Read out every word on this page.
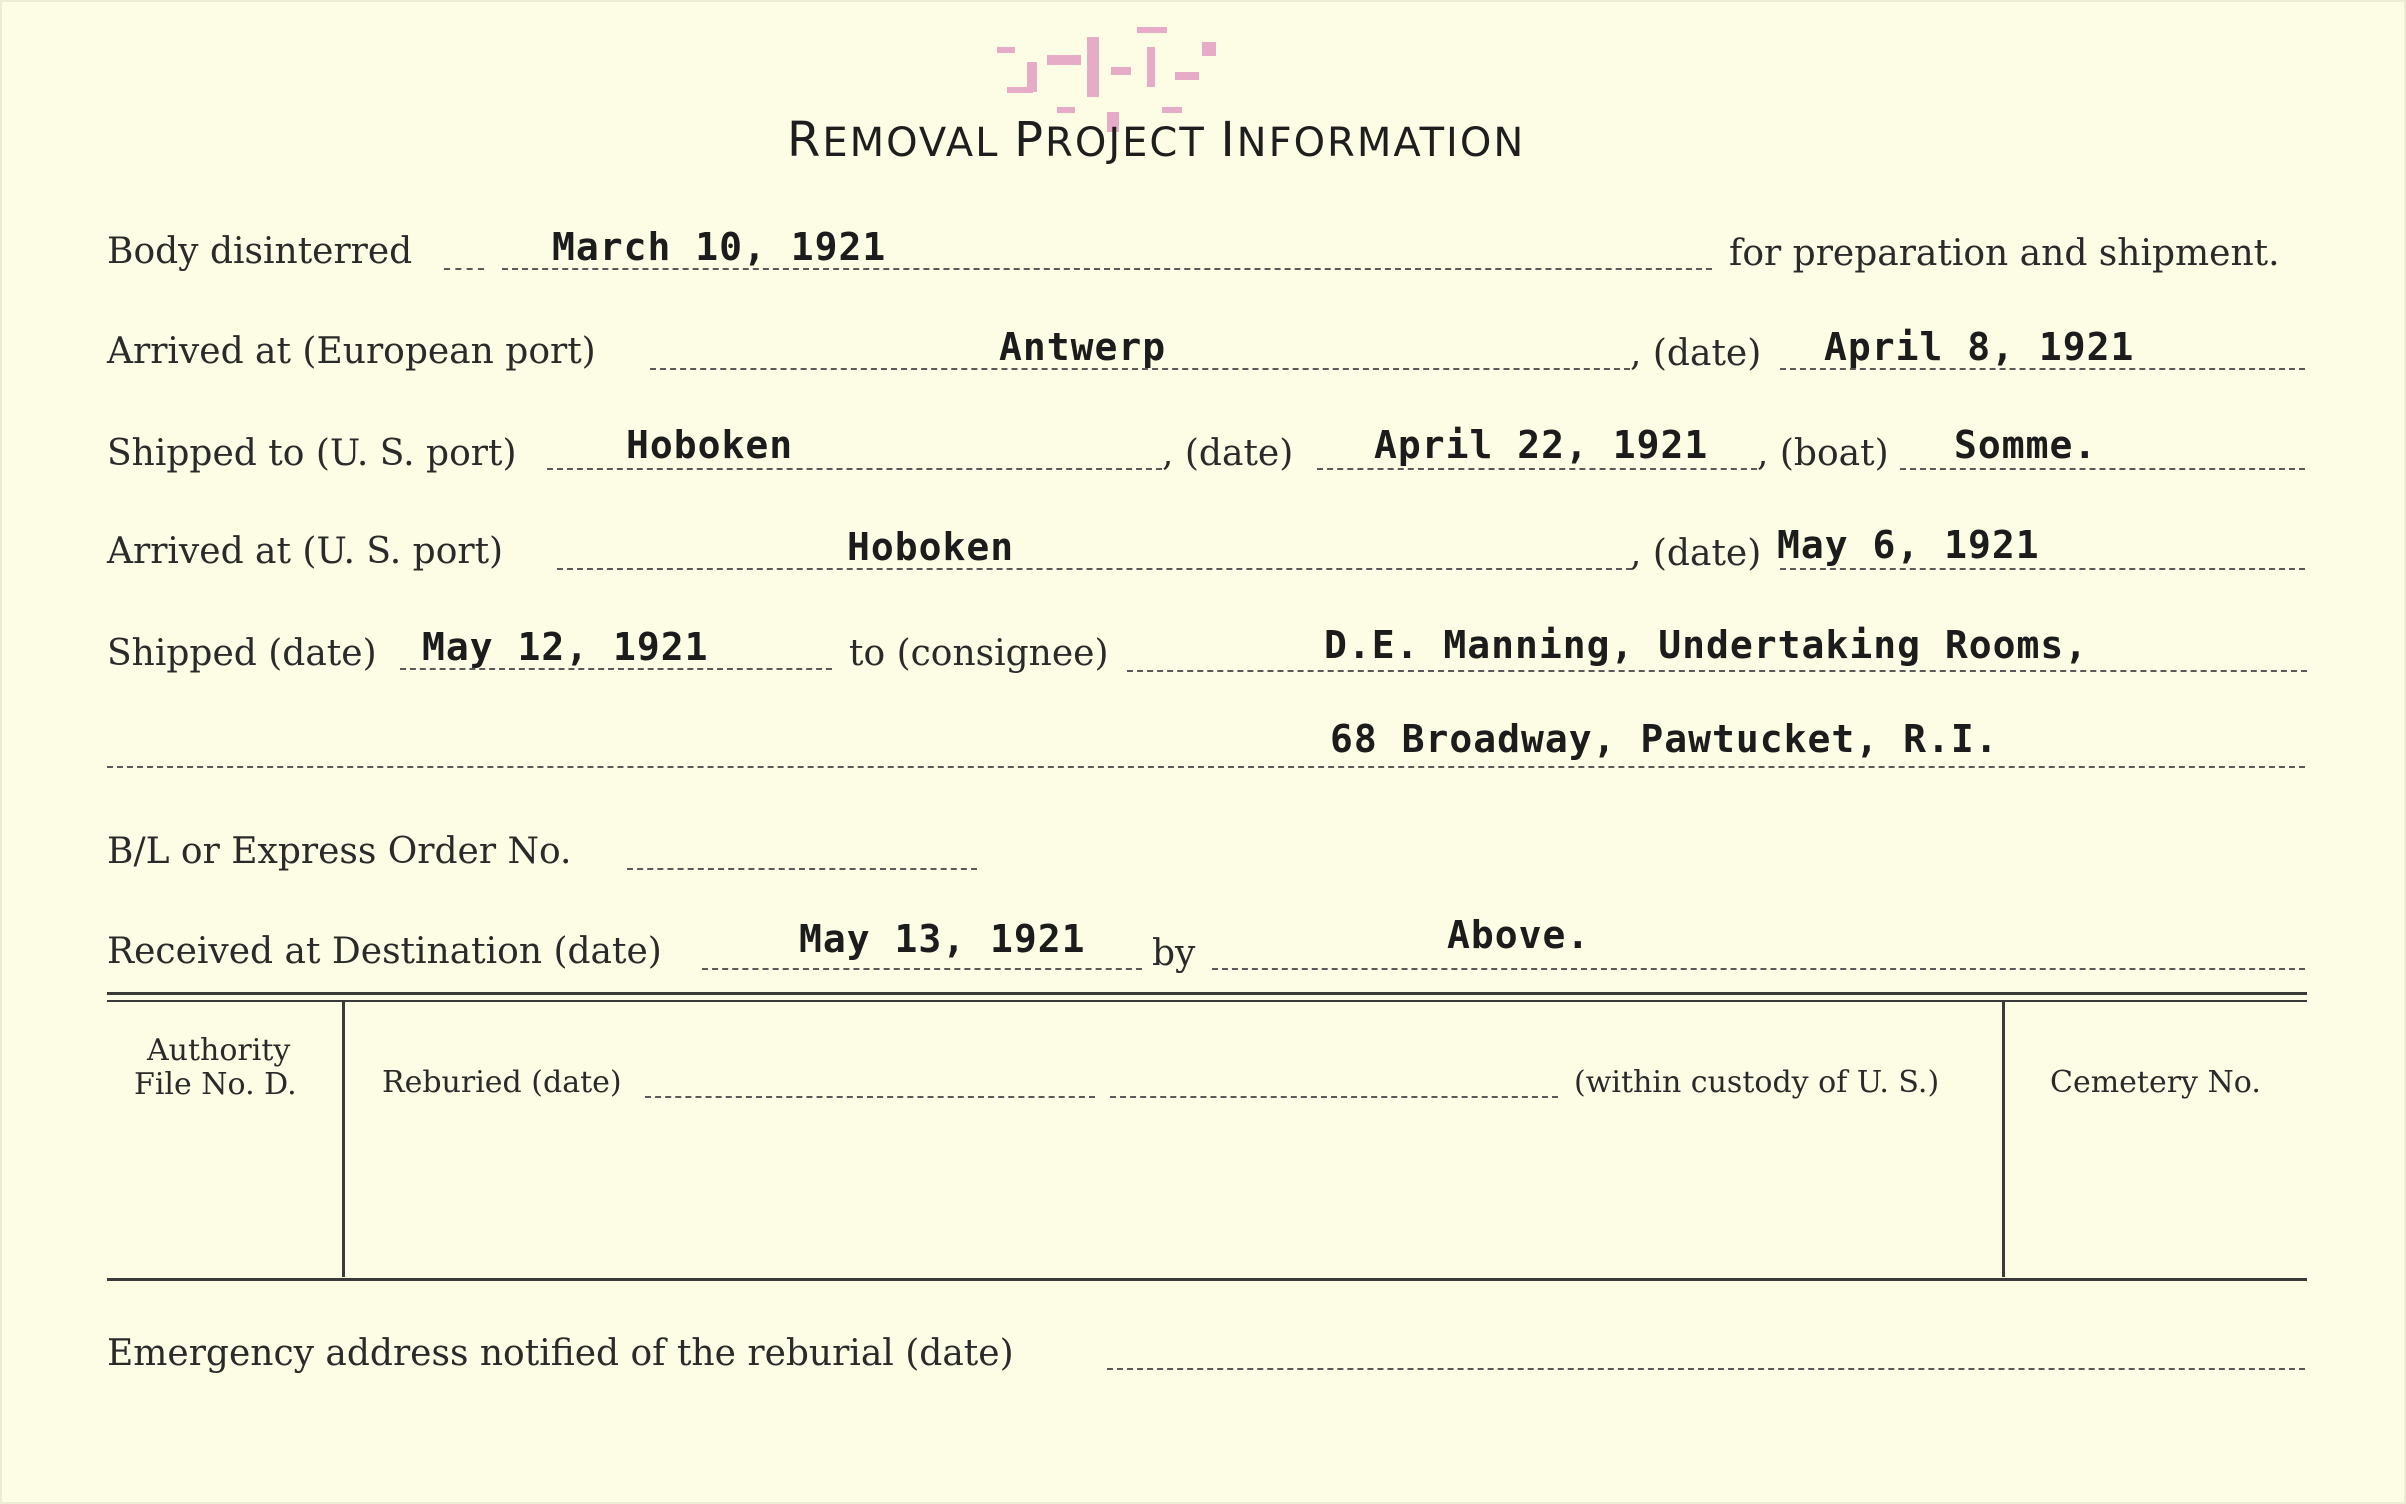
REMOVAL PROJECT INFORMATION
Body disinterred	March 10, 1921	for preparation and shipment.
Arrived at (European port)	Antwerp	, (date) April 8, 1921
Shipped to (U. S. port)	Hoboken	, (date) April 22, 1921 , (boat) Somme.
Arrived at (U. S. port)	Hoboken	, (date) May 6, 1921
Shipped (date) May 12, 1921	to (consignee)	D.E. Manning, Undertaking Rooms,
68 Broadway, Pawtucket, R.I.
B/L or Express Order No.
Received at Destination (date)	May 13, 1921 by	Above.
Authority
File No. D.	Reburied (date)	(within custody of U. S.)	Cemetery No.
Emergency address notified of the reburial (date)
